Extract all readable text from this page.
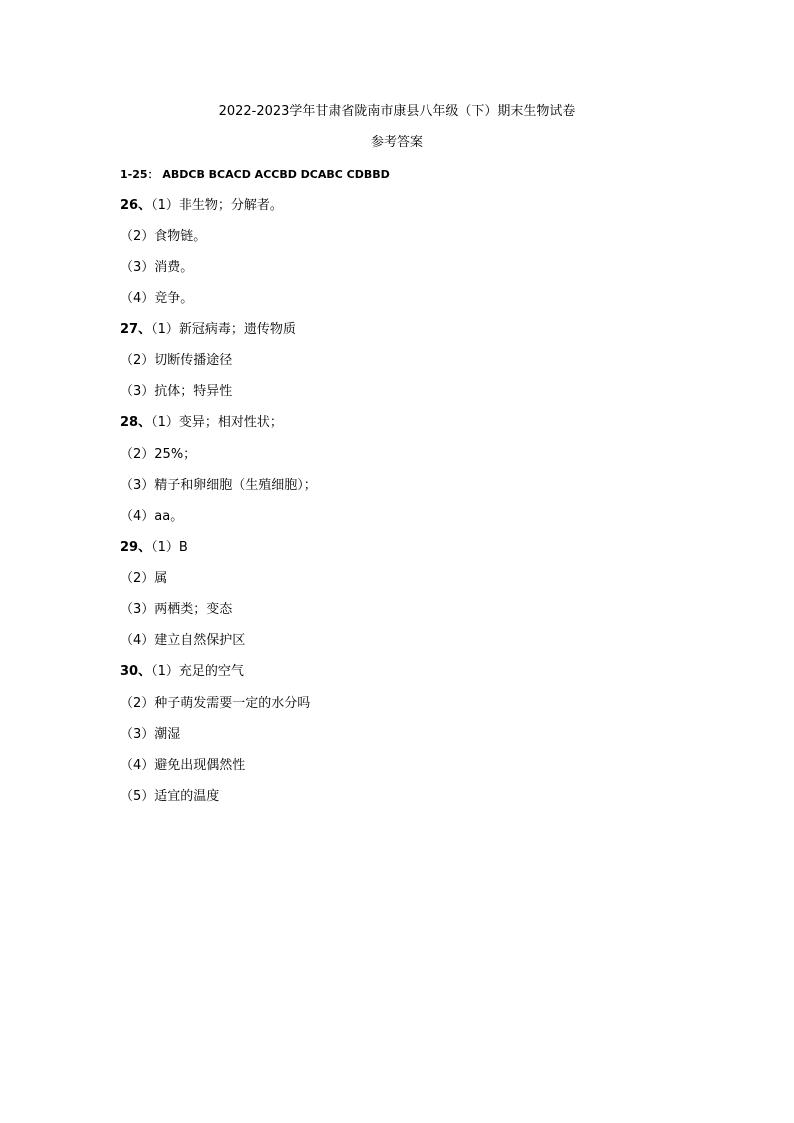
2022-2023学年甘肃省陇南市康县八年级（下）期末生物试卷
参考答案
1-25： ABDCB BCACD ACCBD DCABC CDBBD
26、（1）非生物；分解者。
（2）食物链。
（3）消费。
（4）竞争。
27、（1）新冠病毒；遗传物质
（2）切断传播途径
（3）抗体；特异性
28、（1）变异；相对性状；
（2）25%；
（3）精子和卵细胞（生殖细胞）；
（4）aa。
29、（1）B
（2）属
（3）两栖类；变态
（4）建立自然保护区
30、（1）充足的空气
（2）种子萌发需要一定的水分吗
（3）潮湿
（4）避免出现偶然性
（5）适宜的温度
